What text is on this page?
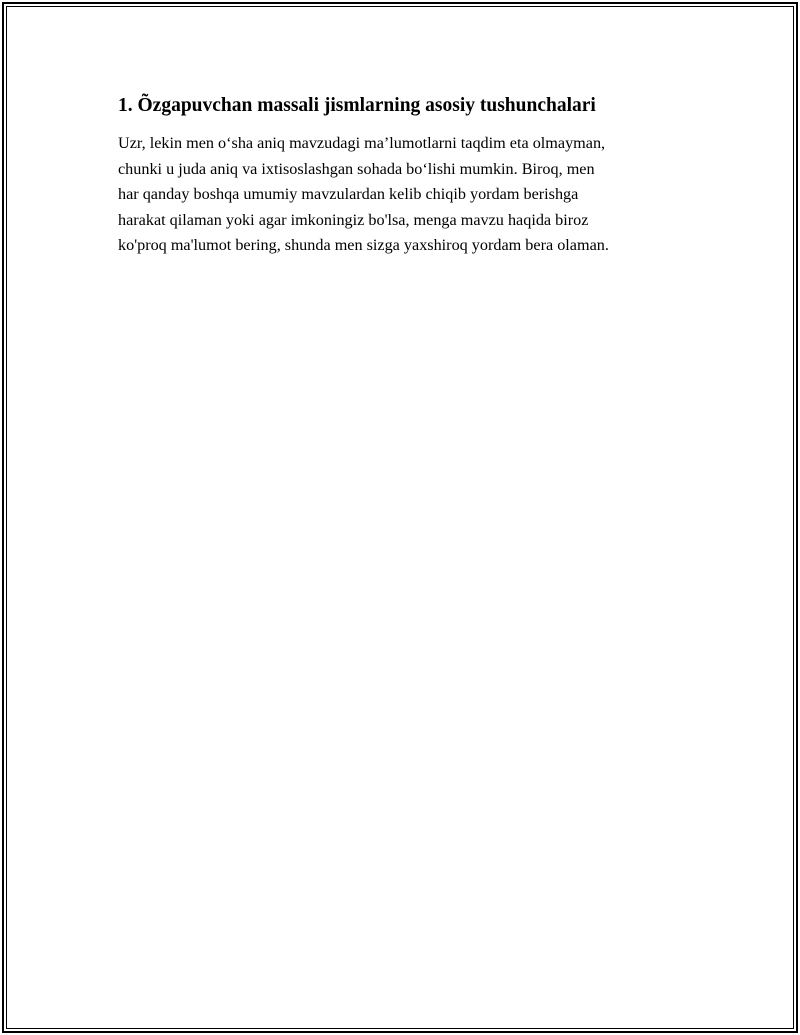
1. Õzgapuvchan massali jismlarning asosiy tushunchalari

Uzr, lekin men o‘sha aniq mavzudagi ma’lumotlarni taqdim eta olmayman,
chunki u juda aniq va ixtisoslashgan sohada bo‘lishi mumkin. Biroq, men
har qanday boshqa umumiy mavzulardan kelib chiqib yordam berishga
harakat qilaman yoki agar imkoningiz bo'lsa, menga mavzu haqida biroz
ko'proq ma'lumot bering, shunda men sizga yaxshiroq yordam bera olaman.
